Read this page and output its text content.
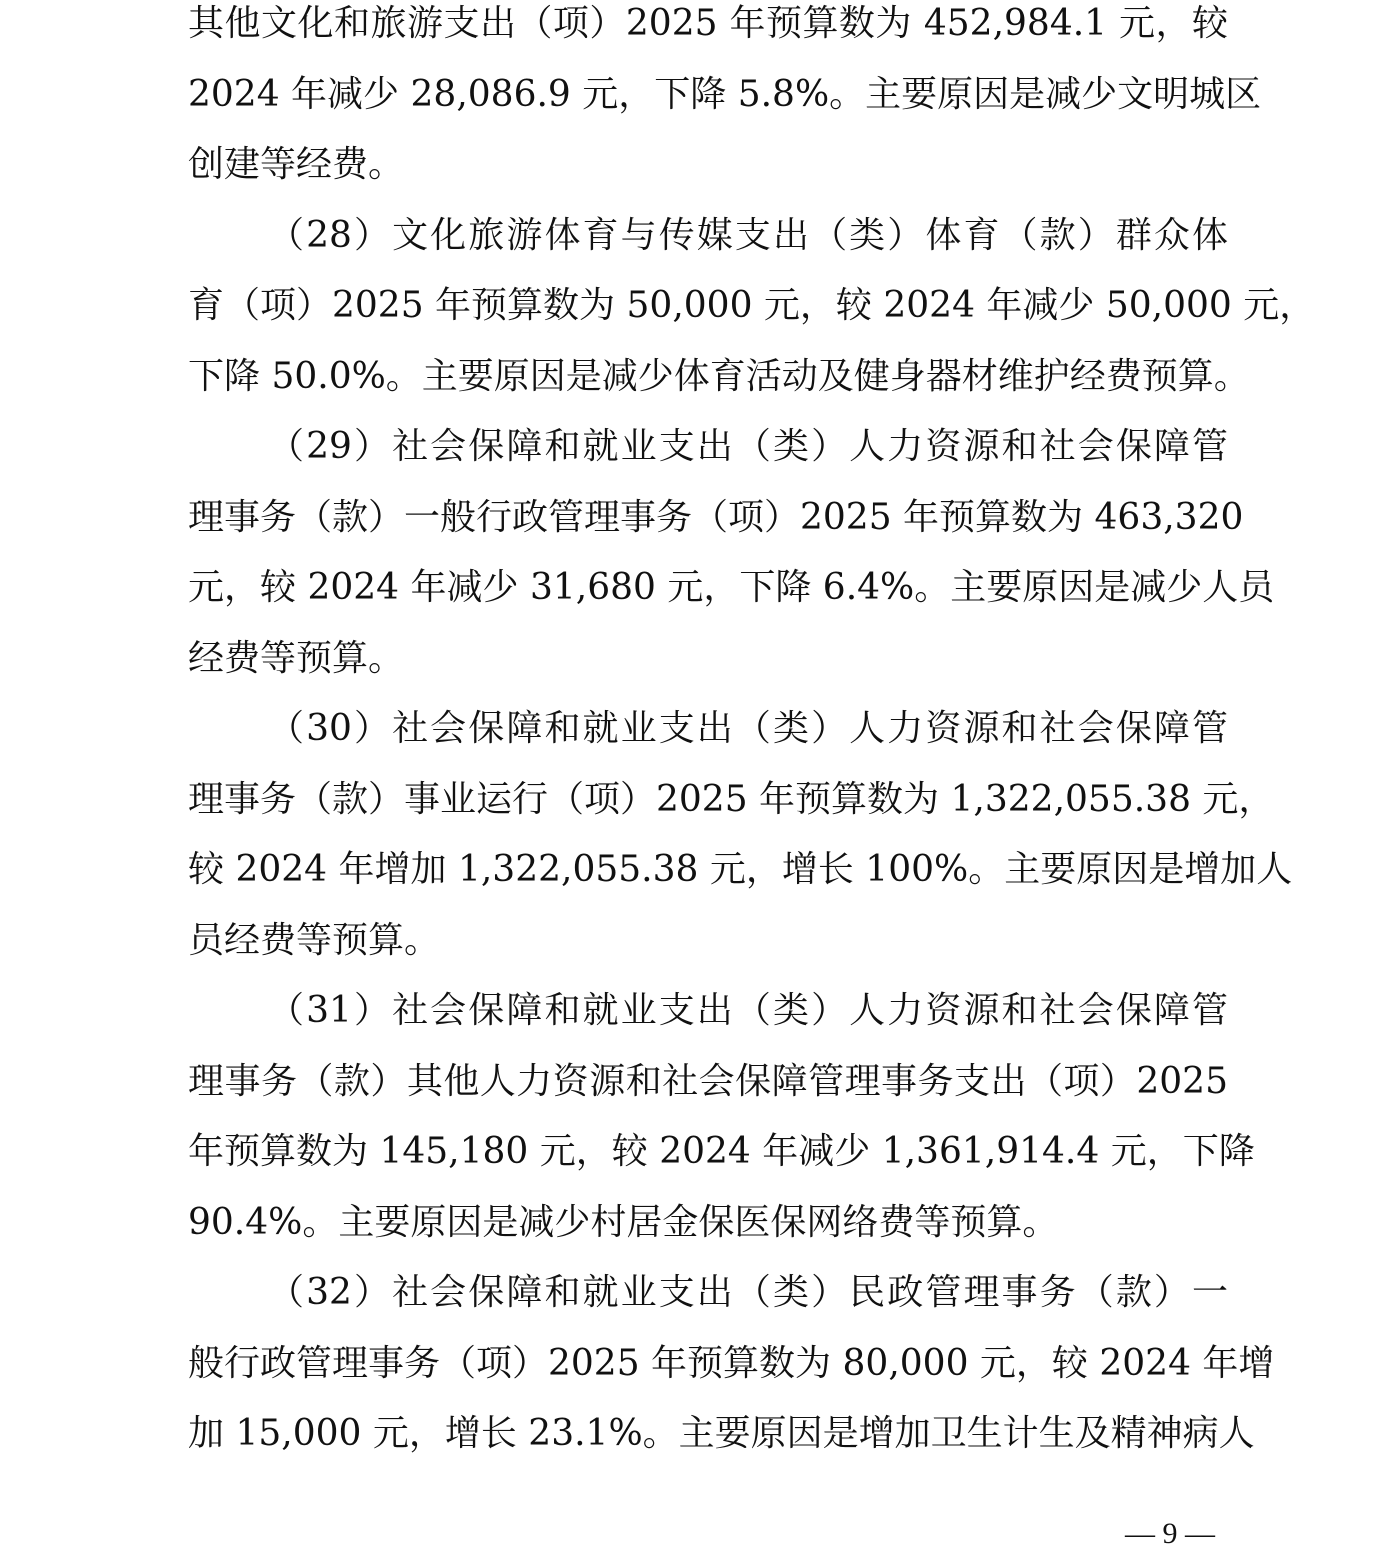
其他文化和旅游支出（项）2025 年预算数为 452,984.1 元，较
2024 年减少 28,086.9 元，下降 5.8%。主要原因是减少文明城区
创建等经费。
（28）文化旅游体育与传媒支出（类）体育（款）群众体
育（项）2025 年预算数为 50,000 元，较 2024 年减少 50,000 元，
下降 50.0%。主要原因是减少体育活动及健身器材维护经费预算。
（29）社会保障和就业支出（类）人力资源和社会保障管
理事务（款）一般行政管理事务（项）2025 年预算数为 463,320
元，较 2024 年减少 31,680 元，下降 6.4%。主要原因是减少人员
经费等预算。
（30）社会保障和就业支出（类）人力资源和社会保障管
理事务（款）事业运行（项）2025 年预算数为 1,322,055.38 元，
较 2024 年增加 1,322,055.38 元，增长 100%。主要原因是增加人
员经费等预算。
（31）社会保障和就业支出（类）人力资源和社会保障管
理事务（款）其他人力资源和社会保障管理事务支出（项）2025
年预算数为 145,180 元，较 2024 年减少 1,361,914.4 元，下降
90.4%。主要原因是减少村居金保医保网络费等预算。
（32）社会保障和就业支出（类）民政管理事务（款）一
般行政管理事务（项）2025 年预算数为 80,000 元，较 2024 年增
加 15,000 元，增长 23.1%。主要原因是增加卫生计生及精神病人
— 9 —
